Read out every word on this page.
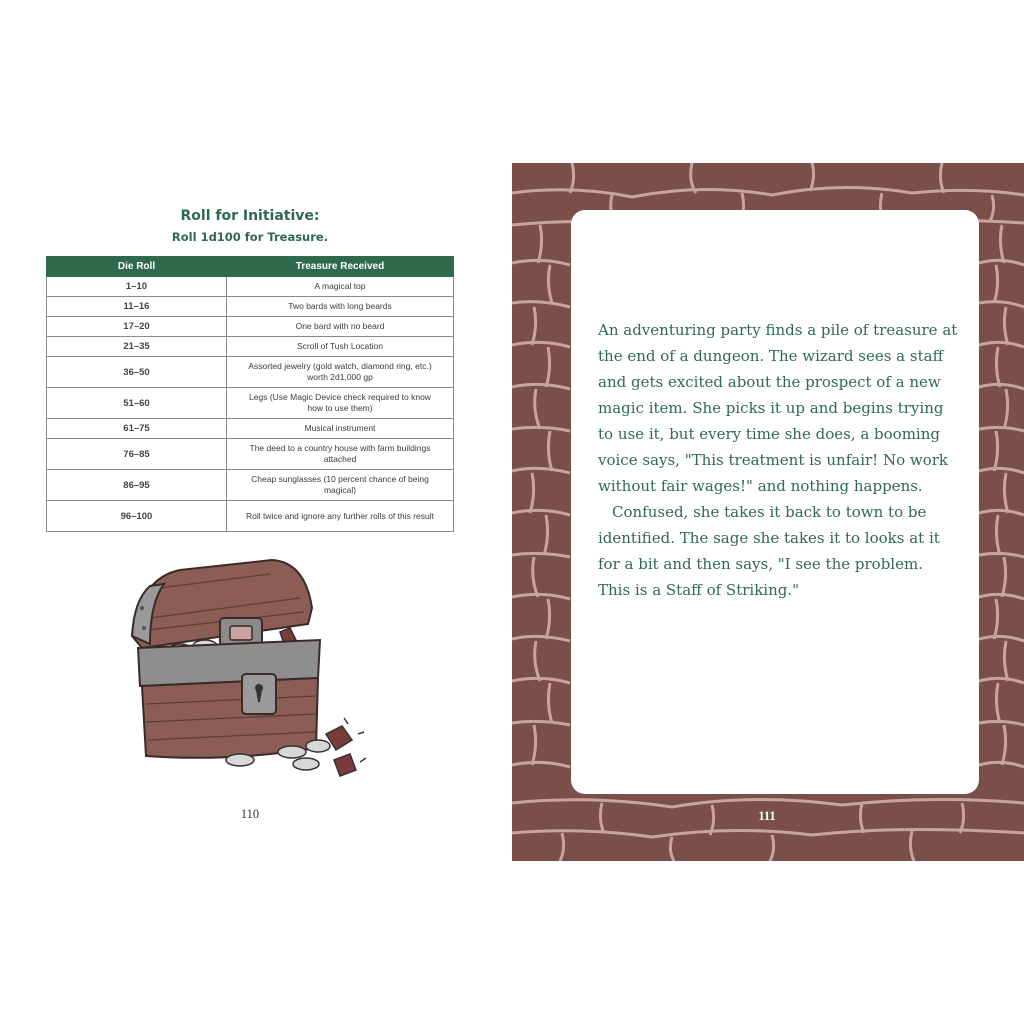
Roll for Initiative:
Roll 1d100 for Treasure.
Die Roll	Treasure Received
1–10	A magical top
11–16	Two bards with long beards
17–20	One bard with no beard
21–35	Scroll of Tush Location
36–50	Assorted jewelry (gold watch, diamond ring, etc.) worth 2d1,000 gp
51–60	Legs (Use Magic Device check required to know how to use them)
61–75	Musical instrument
76–85	The deed to a country house with farm buildings attached
86–95	Cheap sunglasses (10 percent chance of being magical)
96–100	Roll twice and ignore any further rolls of this result
110

An adventuring party finds a pile of treasure at the end of a dungeon. The wizard sees a staff and gets excited about the prospect of a new magic item. She picks it up and begins trying to use it, but every time she does, a booming voice says, "This treatment is unfair! No work without fair wages!" and nothing happens.

Confused, she takes it back to town to be identified. The sage she takes it to looks at it for a bit and then says, "I see the problem. This is a Staff of Striking."

111
